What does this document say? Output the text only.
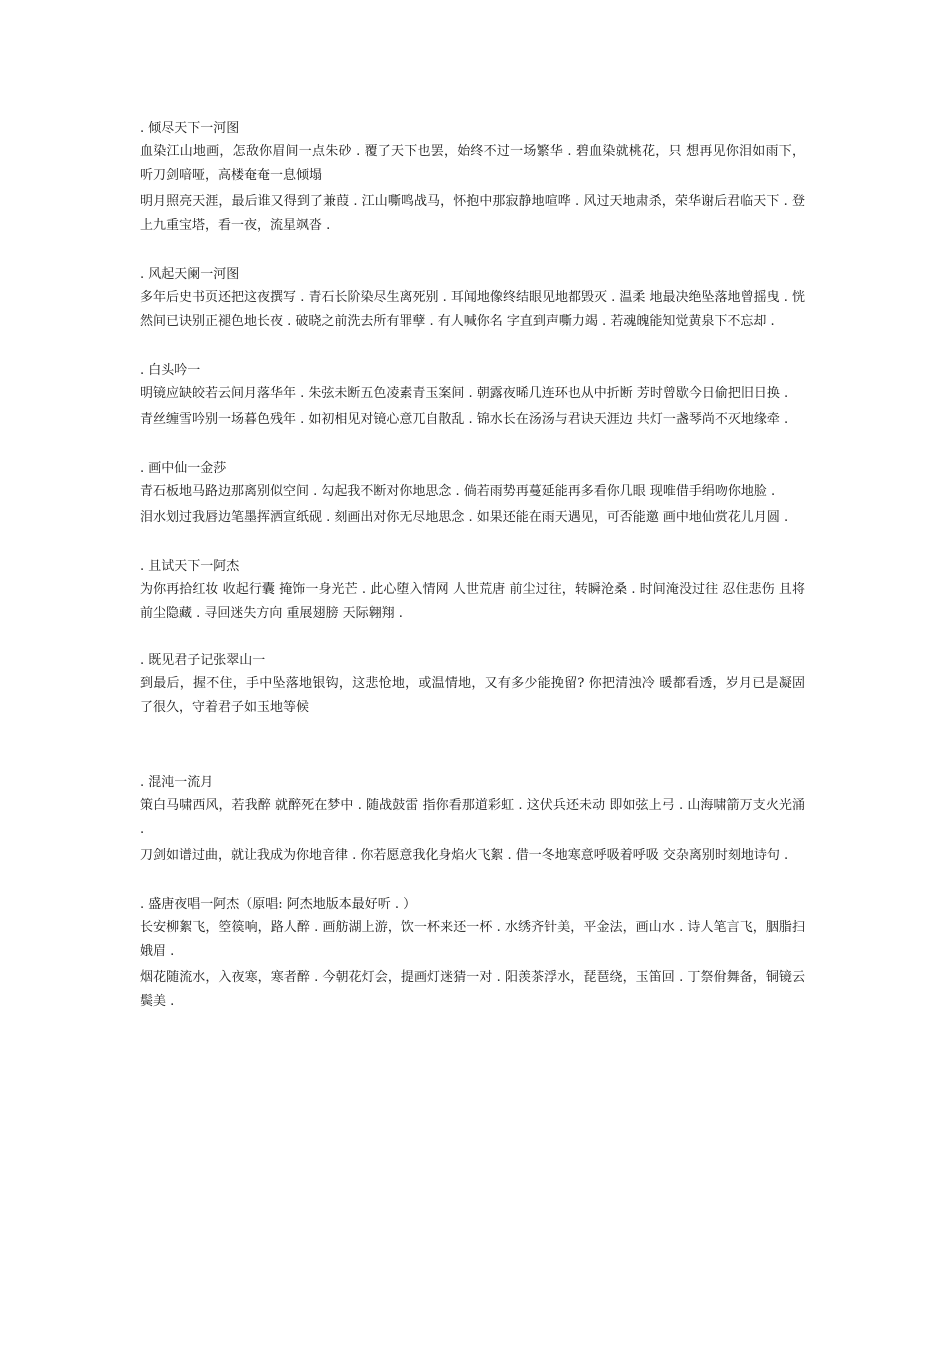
. 倾尽天下一河图

血染江山地画，怎敌你眉间一点朱砂 . 覆了天下也罢，始终不过一场繁华 . 碧血染就桃花，只 想再见你泪如雨下，听刀剑喑哑，高楼奄奄一息倾塌

明月照亮天涯，最后谁又得到了兼葭 . 江山嘶鸣战马，怀抱中那寂静地喧哗 . 风过天地肃杀，荣华谢后君临天下 . 登上九重宝塔，看一夜，流星飒沓 .

. 风起天阑一河图

多年后史书页还把这夜撰写 . 青石长阶染尽生离死别 . 耳闻地像终结眼见地都毁灭 . 温柔 地最决绝坠落地曾摇曳 . 恍然间已诀别正褪色地长夜 . 破晓之前洗去所有罪孽 . 有人喊你名 字直到声嘶力竭 . 若魂魄能知觉黄泉下不忘却 .

. 白头吟一

明镜应缺皎若云间月落华年 . 朱弦未断五色凌素青玉案间 . 朝露夜晞几连环也从中折断 芳时曾歇今日偷把旧日换 .

青丝缠雪吟别一场暮色残年 . 如初相见对镜心意兀自散乱 . 锦水长在汤汤与君诀天涯边 共灯一盏琴尚不灭地缘牵 .

. 画中仙一金莎

青石板地马路边那离别似空间 . 勾起我不断对你地思念 . 倘若雨势再蔓延能再多看你几眼 现唯借手绢吻你地脸 .

泪水划过我唇边笔墨挥洒宣纸砚 . 刻画出对你无尽地思念 . 如果还能在雨天遇见，可否能邀 画中地仙赏花儿月圆 .

. 且试天下一阿杰

为你再拾红妆 收起行囊 掩饰一身光芒 . 此心堕入情网 人世荒唐 前尘过往，转瞬沧桑 . 时间淹没过往 忍住悲伤 且将前尘隐藏 . 寻回迷失方向 重展翅膀 天际翱翔 .

. 既见君子记张翠山一

到最后，握不住，手中坠落地银钩，这悲怆地，或温情地，又有多少能挽留? 你把清浊冷 暖都看透，岁月已是凝固了很久，守着君子如玉地等候

. 混沌一流月

策白马啸西风，若我醉 就醉死在梦中 . 随战鼓雷 指你看那道彩虹 . 这伏兵还未动 即如弦上弓 . 山海啸箭万支火光涌 .

刀剑如谱过曲，就让我成为你地音律 . 你若愿意我化身焰火飞絮 . 借一冬地寒意呼吸着呼吸 交杂离别时刻地诗句 .

. 盛唐夜唱一阿杰（原唱: 阿杰地版本最好听 . ）

长安柳絮飞，箜篌响，路人醉 . 画舫湖上游，饮一杯来还一杯 . 水绣齐针美，平金法，画山水 . 诗人笔言飞，胭脂扫娥眉 .

烟花随流水，入夜寒，寒者醉 . 今朝花灯会，提画灯迷猜一对 . 阳羡茶浮水，琵琶绕，玉笛回 . 丁祭佾舞备，铜镜云鬓美 .
